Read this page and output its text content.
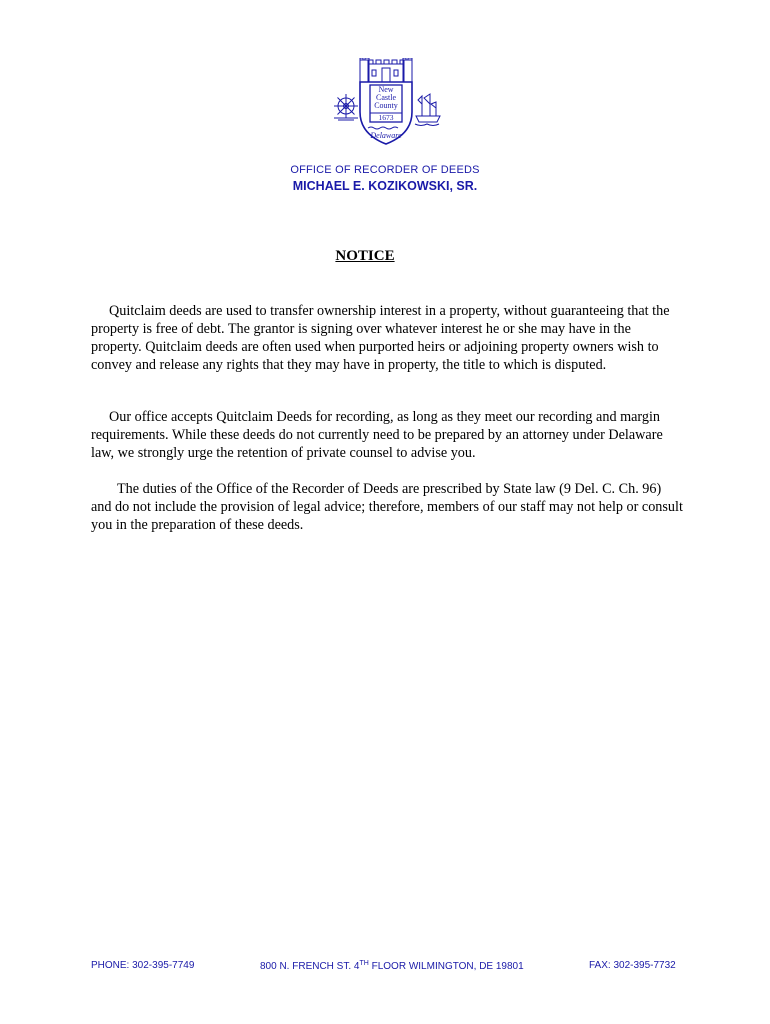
New
Castle
County
1673
Delaware
OFFICE OF RECORDER OF DEEDS
MICHAEL E. KOZIKOWSKI, SR.
NOTICE
Quitclaim deeds are used to transfer ownership interest in a property, without guaranteeing that the property is free of debt. The grantor is signing over whatever interest he or she may have in the property. Quitclaim deeds are often used when purported heirs or adjoining property owners wish to convey and release any rights that they may have in property, the title to which is disputed.
Our office accepts Quitclaim Deeds for recording, as long as they meet our recording and margin requirements. While these deeds do not currently need to be prepared by an attorney under Delaware law, we strongly urge the retention of private counsel to advise you.
The duties of the Office of the Recorder of Deeds are prescribed by State law (9 Del. C. Ch. 96) and do not include the provision of legal advice; therefore, members of our staff may not help or consult you in the preparation of these deeds.
PHONE: 302-395-7749	800 N. FRENCH ST. 4TH FLOOR WILMINGTON, DE 19801	FAX: 302-395-7732
